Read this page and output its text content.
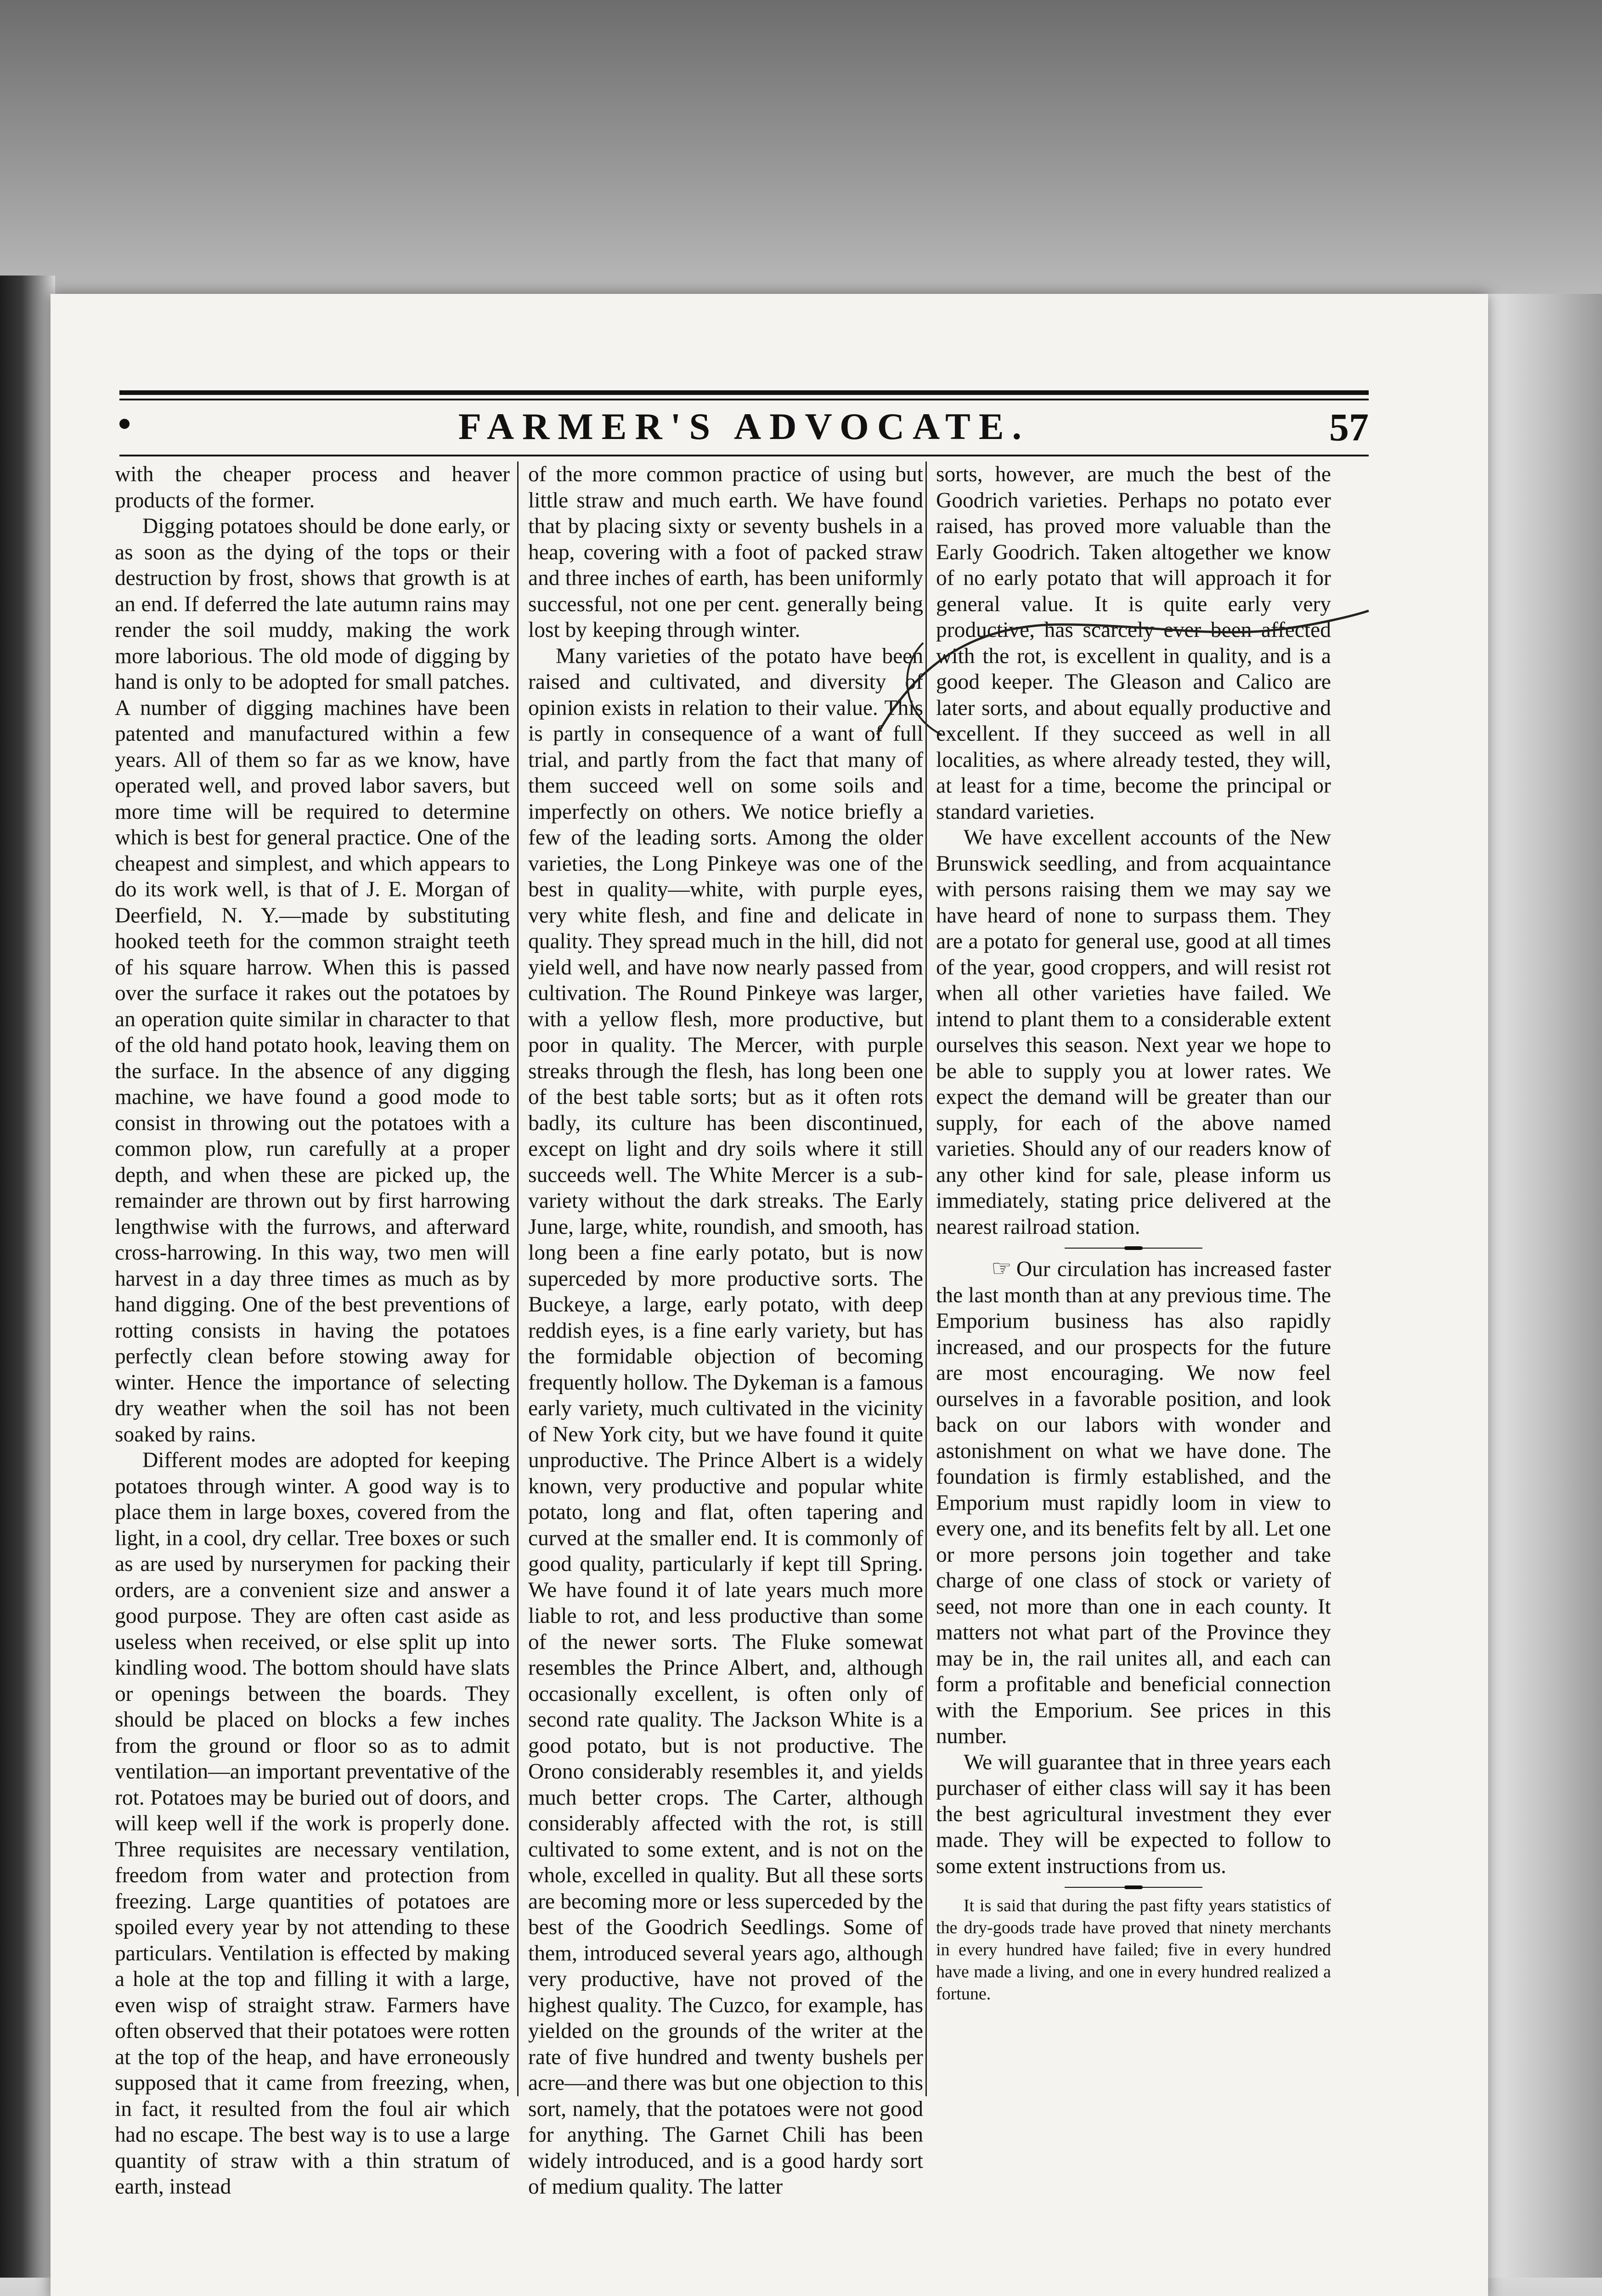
FARMER'S ADVOCATE.	57

with the cheaper process and heaver products of the former.

Digging potatoes should be done early, or as soon as the dying of the tops or their destruction by frost, shows that growth is at an end. If deferred the late autumn rains may render the soil muddy, making the work more laborious. The old mode of digging by hand is only to be adopted for small patches. A number of digging machines have been patented and manufactured within a few years. All of them so far as we know, have operated well, and proved labor savers, but more time will be required to determine which is best for general practice. One of the cheapest and simplest, and which appears to do its work well, is that of J. E. Morgan of Deerfield, N. Y.—made by substituting hooked teeth for the common straight teeth of his square harrow. When this is passed over the surface it rakes out the potatoes by an operation quite similar in character to that of the old hand potato hook, leaving them on the surface. In the absence of any digging machine, we have found a good mode to consist in throwing out the potatoes with a common plow, run carefully at a proper depth, and when these are picked up, the remainder are thrown out by first harrowing lengthwise with the furrows, and afterward cross-harrowing. In this way, two men will harvest in a day three times as much as by hand digging. One of the best preventions of rotting consists in having the potatoes perfectly clean before stowing away for winter. Hence the importance of selecting dry weather when the soil has not been soaked by rains.

Different modes are adopted for keeping potatoes through winter. A good way is to place them in large boxes, covered from the light, in a cool, dry cellar. Tree boxes or such as are used by nurserymen for packing their orders, are a convenient size and answer a good purpose. They are often cast aside as useless when received, or else split up into kindling wood. The bottom should have slats or openings between the boards. They should be placed on blocks a few inches from the ground or floor so as to admit ventilation—an important preventative of the rot. Potatoes may be buried out of doors, and will keep well if the work is properly done. Three requisites are necessary ventilation, freedom from water and protection from freezing. Large quantities of potatoes are spoiled every year by not attending to these particulars. Ventilation is effected by making a hole at the top and filling it with a large, even wisp of straight straw. Farmers have often observed that their potatoes were rotten at the top of the heap, and have erroneously supposed that it came from freezing, when, in fact, it resulted from the foul air which had no escape. The best way is to use a large quantity of straw with a thin stratum of earth, instead

of the more common practice of using but little straw and much earth. We have found that by placing sixty or seventy bushels in a heap, covering with a foot of packed straw and three inches of earth, has been uniformly successful, not one per cent. generally being lost by keeping through winter.

Many varieties of the potato have been raised and cultivated, and diversity of opinion exists in relation to their value. This is partly in consequence of a want of full trial, and partly from the fact that many of them succeed well on some soils and imperfectly on others. We notice briefly a few of the leading sorts. Among the older varieties, the Long Pinkeye was one of the best in quality—white, with purple eyes, very white flesh, and fine and delicate in quality. They spread much in the hill, did not yield well, and have now nearly passed from cultivation. The Round Pinkeye was larger, with a yellow flesh, more productive, but poor in quality. The Mercer, with purple streaks through the flesh, has long been one of the best table sorts; but as it often rots badly, its culture has been discontinued, except on light and dry soils where it still succeeds well. The White Mercer is a sub-variety without the dark streaks. The Early June, large, white, roundish, and smooth, has long been a fine early potato, but is now superceded by more productive sorts. The Buckeye, a large, early potato, with deep reddish eyes, is a fine early variety, but has the formidable objection of becoming frequently hollow. The Dykeman is a famous early variety, much cultivated in the vicinity of New York city, but we have found it quite unproductive. The Prince Albert is a widely known, very productive and popular white potato, long and flat, often tapering and curved at the smaller end. It is commonly of good quality, particularly if kept till Spring. We have found it of late years much more liable to rot, and less productive than some of the newer sorts. The Fluke somewat resembles the Prince Albert, and, although occasionally excellent, is often only of second rate quality. The Jackson White is a good potato, but is not productive. The Orono considerably resembles it, and yields much better crops. The Carter, although considerably affected with the rot, is still cultivated to some extent, and is not on the whole, excelled in quality. But all these sorts are becoming more or less superceded by the best of the Goodrich Seedlings. Some of them, introduced several years ago, although very productive, have not proved of the highest quality. The Cuzco, for example, has yielded on the grounds of the writer at the rate of five hundred and twenty bushels per acre—and there was but one objection to this sort, namely, that the potatoes were not good for anything. The Garnet Chili has been widely introduced, and is a good hardy sort of medium quality. The latter

sorts, however, are much the best of the Goodrich varieties. Perhaps no potato ever raised, has proved more valuable than the Early Goodrich. Taken altogether we know of no early potato that will approach it for general value. It is quite early very productive, has scarcely ever been affected with the rot, is excellent in quality, and is a good keeper. The Gleason and Calico are later sorts, and about equally productive and excellent. If they succeed as well in all localities, as where already tested, they will, at least for a time, become the principal or standard varieties.

We have excellent accounts of the New Brunswick seedling, and from acquaintance with persons raising them we may say we have heard of none to surpass them. They are a potato for general use, good at all times of the year, good croppers, and will resist rot when all other varieties have failed. We intend to plant them to a considerable extent ourselves this season. Next year we hope to be able to supply you at lower rates. We expect the demand will be greater than our supply, for each of the above named varieties. Should any of our readers know of any other kind for sale, please inform us immediately, stating price delivered at the nearest railroad station.

☞ Our circulation has increased faster the last month than at any previous time. The Emporium business has also rapidly increased, and our prospects for the future are most encouraging. We now feel ourselves in a favorable position, and look back on our labors with wonder and astonishment on what we have done. The foundation is firmly established, and the Emporium must rapidly loom in view to every one, and its benefits felt by all. Let one or more persons join together and take charge of one class of stock or variety of seed, not more than one in each county. It matters not what part of the Province they may be in, the rail unites all, and each can form a profitable and beneficial connection with the Emporium. See prices in this number.

We will guarantee that in three years each purchaser of either class will say it has been the best agricultural investment they ever made. They will be expected to follow to some extent instructions from us.

It is said that during the past fifty years statistics of the dry-goods trade have proved that ninety merchants in every hundred have failed; five in every hundred have made a living, and one in every hundred realized a fortune.
